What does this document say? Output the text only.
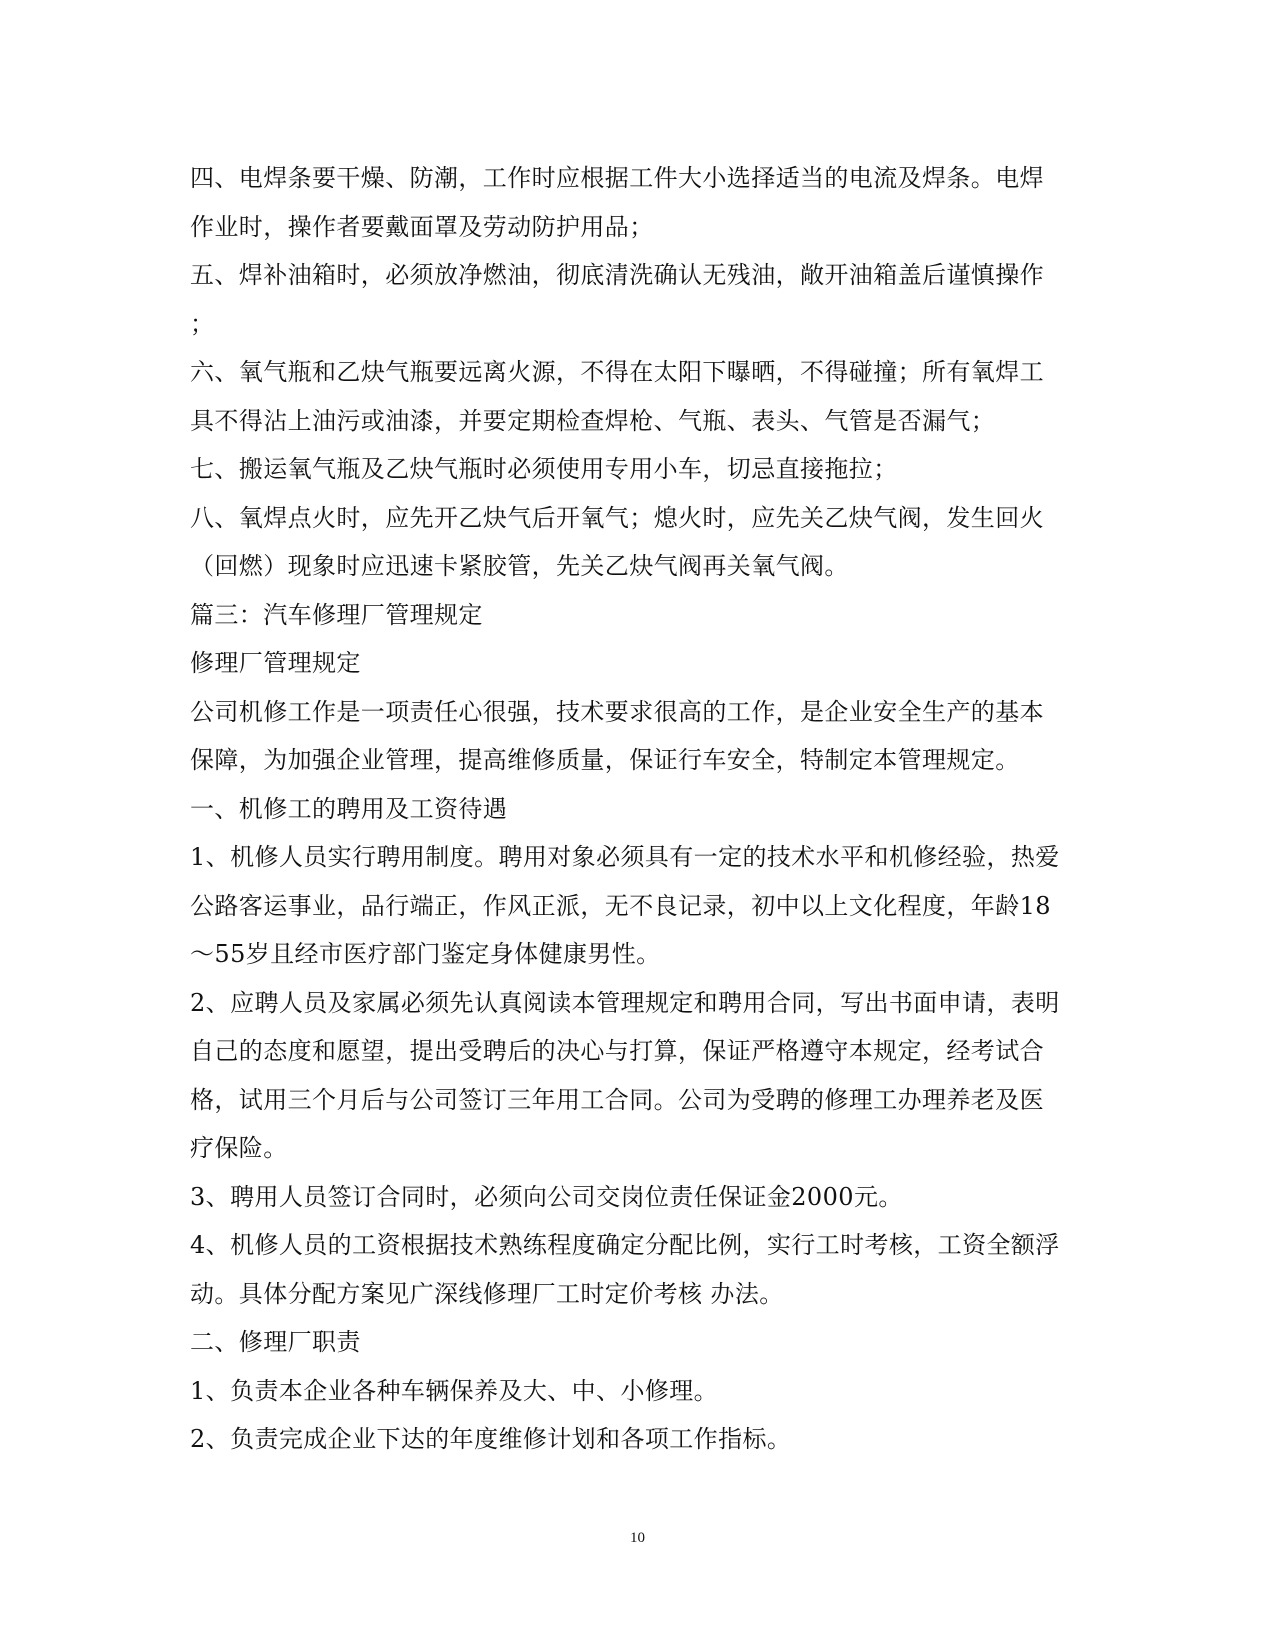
四、电焊条要干燥、防潮，工作时应根据工件大小选择适当的电流及焊条。电焊
作业时，操作者要戴面罩及劳动防护用品；
五、焊补油箱时，必须放净燃油，彻底清洗确认无残油，敞开油箱盖后谨慎操作
；
六、氧气瓶和乙炔气瓶要远离火源，不得在太阳下曝晒，不得碰撞；所有氧焊工
具不得沾上油污或油漆，并要定期检查焊枪、气瓶、表头、气管是否漏气；
七、搬运氧气瓶及乙炔气瓶时必须使用专用小车，切忌直接拖拉；
八、氧焊点火时，应先开乙炔气后开氧气；熄火时，应先关乙炔气阀，发生回火
（回燃）现象时应迅速卡紧胶管，先关乙炔气阀再关氧气阀。
篇三：汽车修理厂管理规定
修理厂管理规定
公司机修工作是一项责任心很强，技术要求很高的工作，是企业安全生产的基本
保障，为加强企业管理，提高维修质量，保证行车安全，特制定本管理规定。
一、机修工的聘用及工资待遇
1、机修人员实行聘用制度。聘用对象必须具有一定的技术水平和机修经验，热爱
公路客运事业，品行端正，作风正派，无不良记录，初中以上文化程度，年龄18
～55岁且经市医疗部门鉴定身体健康男性。
2、应聘人员及家属必须先认真阅读本管理规定和聘用合同，写出书面申请，表明
自己的态度和愿望，提出受聘后的决心与打算，保证严格遵守本规定，经考试合
格，试用三个月后与公司签订三年用工合同。公司为受聘的修理工办理养老及医
疗保险。
3、聘用人员签订合同时，必须向公司交岗位责任保证金2000元。
4、机修人员的工资根据技术熟练程度确定分配比例，实行工时考核，工资全额浮
动。具体分配方案见广深线修理厂工时定价考核 办法。
二、修理厂职责
1、负责本企业各种车辆保养及大、中、小修理。
2、负责完成企业下达的年度维修计划和各项工作指标。
10
